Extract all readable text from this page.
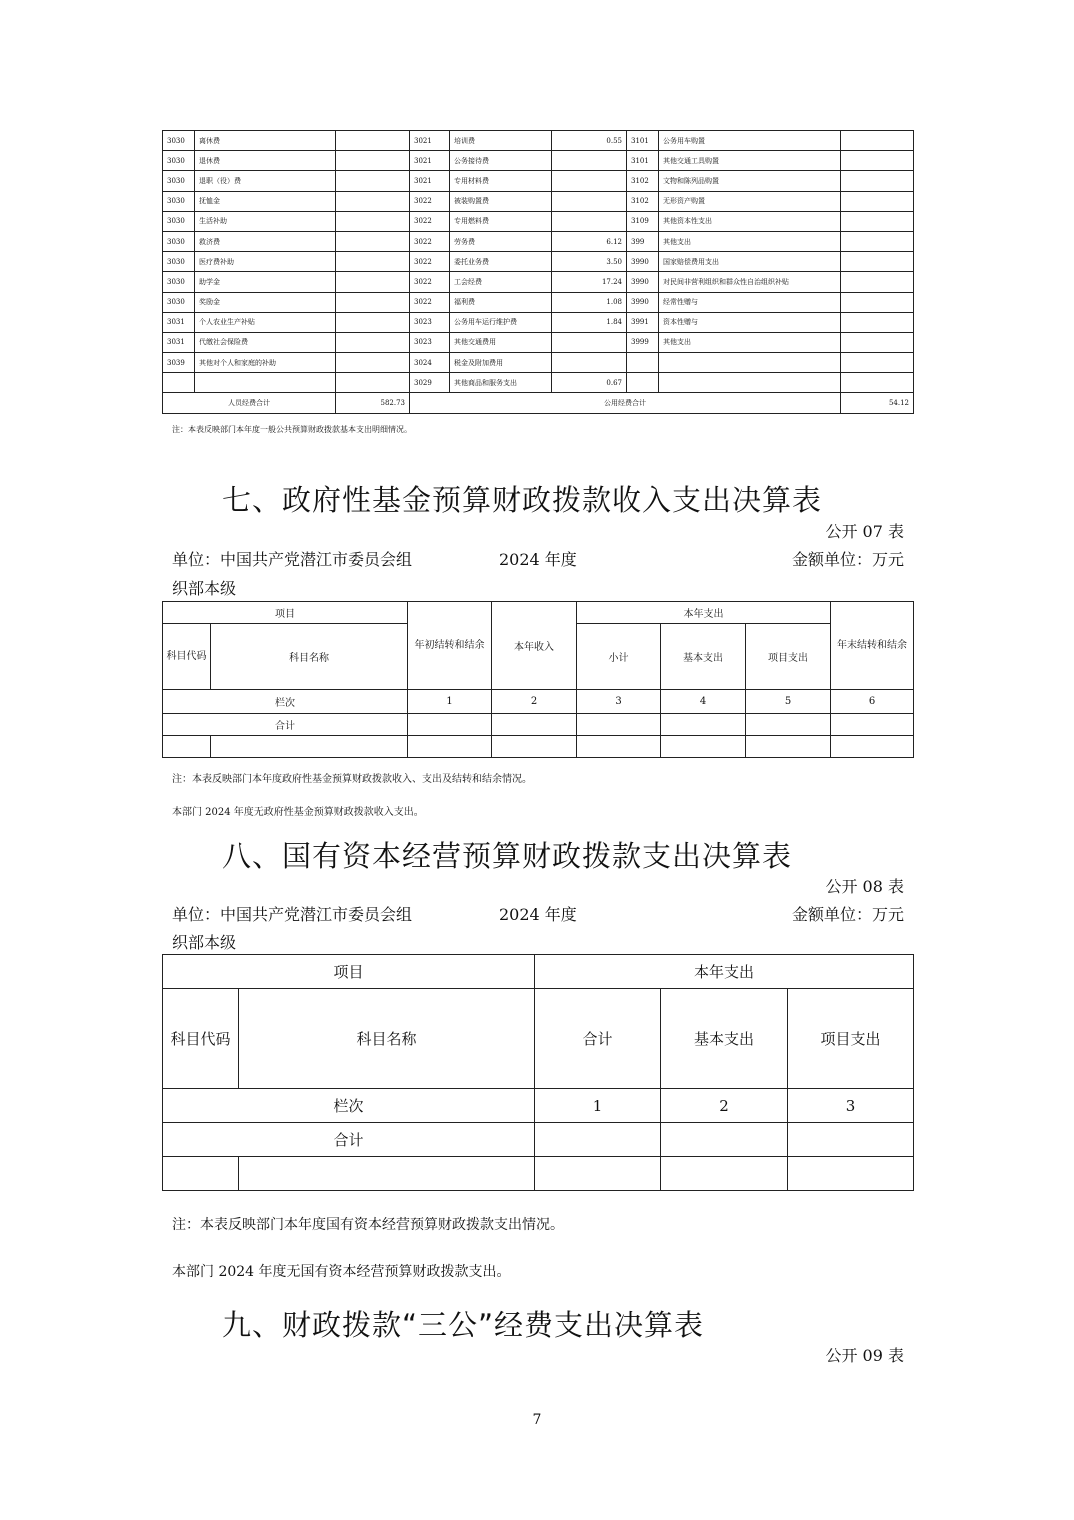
3030	离休费		3021	培训费	0.55	3101	公务用车购置	
3030	退休费		3021	公务接待费		3101	其他交通工具购置	
3030	退职（役）费		3021	专用材料费		3102	文物和陈列品购置	
3030	抚恤金		3022	被装购置费		3102	无形资产购置	
3030	生活补助		3022	专用燃料费		3109	其他资本性支出	
3030	救济费		3022	劳务费	6.12	399	其他支出	
3030	医疗费补助		3022	委托业务费	3.50	3990	国家赔偿费用支出	
3030	助学金		3022	工会经费	17.24	3990	对民间非营利组织和群众性自治组织补贴	
3030	奖励金		3022	福利费	1.08	3990	经常性赠与	
3031	个人农业生产补贴		3023	公务用车运行维护费	1.84	3991	资本性赠与	
3031	代缴社会保险费		3023	其他交通费用		3999	其他支出	
3039	其他对个人和家庭的补助		3024	税金及附加费用				
			3029	其他商品和服务支出	0.67			
人员经费合计		582.73	公用经费合计					54.12
注：本表反映部门本年度一般公共预算财政拨款基本支出明细情况。
七、政府性基金预算财政拨款收入支出决算表
公开 07 表
单位：中国共产党潜江市委员会组	2024 年度	金额单位：万元
织部本级
项目		年初结转和结余	本年收入	本年支出			年末结转和结余
科目代码	科目名称			小计	基本支出	项目支出	
栏次		1	2	3	4	5	6
合计							

注：本表反映部门本年度政府性基金预算财政拨款收入、支出及结转和结余情况。
本部门 2024 年度无政府性基金预算财政拨款收入支出。
八、国有资本经营预算财政拨款支出决算表
公开 08 表
单位：中国共产党潜江市委员会组	2024 年度	金额单位：万元
织部本级
项目		本年支出		
科目代码	科目名称	合计	基本支出	项目支出
栏次		1	2	3
合计				

注：本表反映部门本年度国有资本经营预算财政拨款支出情况。
本部门 2024 年度无国有资本经营预算财政拨款支出。
九、财政拨款“三公”经费支出决算表
公开 09 表
7
